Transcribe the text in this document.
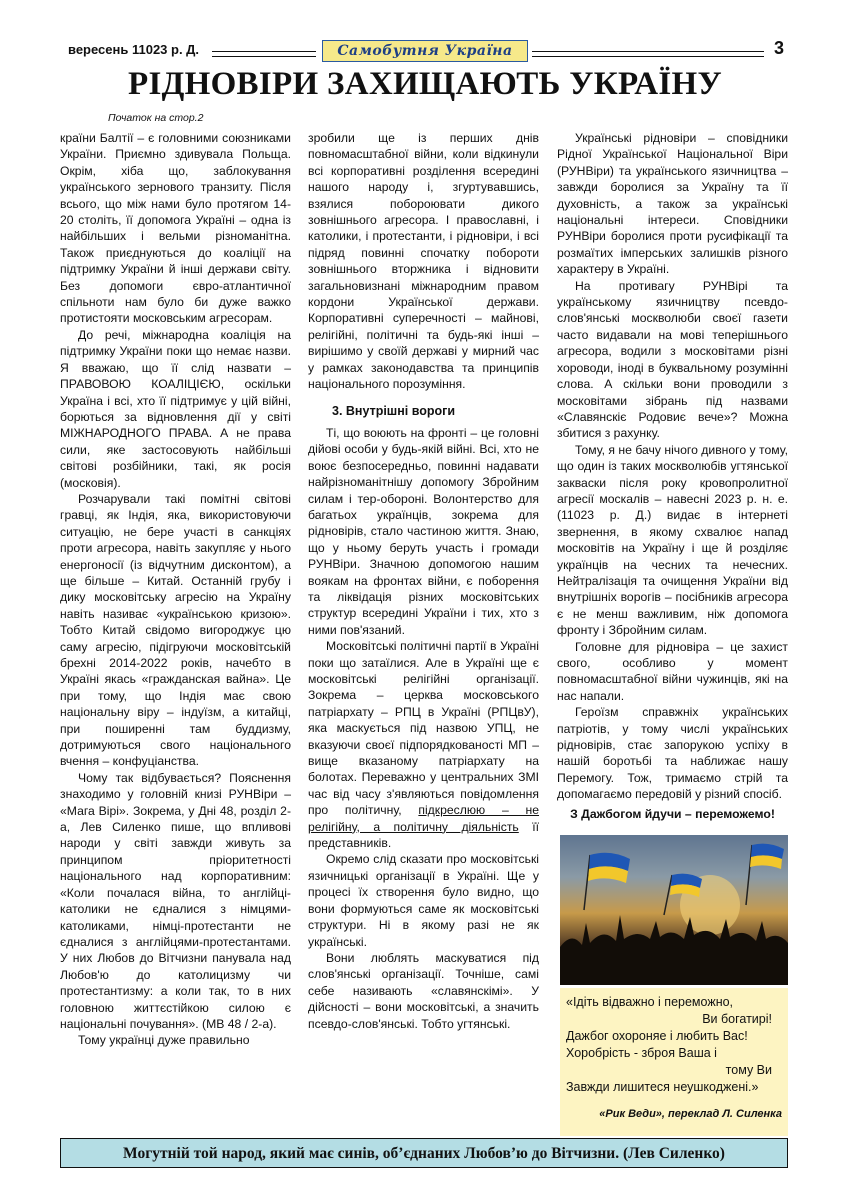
вересень 11023 р. Д.	Самобутня Україна	3
РІДНОВІРИ ЗАХИЩАЮТЬ УКРАЇНУ
Початок на стор.2

країни Балтії – є головними союзниками України. Приємно здивувала Польща. Окрім, хіба що, заблокування українського зернового транзиту. Після всього, що між нами було протягом 14-20 століть, її допомога Україні – одна із найбільших і вельми різноманітна. Також приєднуються до коаліції на підтримку України й інші держави світу. Без допомоги євро-атлантичної спільноти нам було би дуже важко протистояти московським агресорам.

До речі, міжнародна коаліція на підтримку України поки що немає назви. Я вважаю, що її слід назвати – ПРАВОВОЮ КОАЛІЦІЄЮ, оскільки Україна і всі, хто її підтримує у цій війні, борються за відновлення дії у світі МІЖНАРОДНОГО ПРАВА. А не права сили, яке застосовують найбільші світові розбійники, такі, як росія (московія).

Розчарували такі помітні світові гравці, як Індія, яка, використовуючи ситуацію, не бере участі в санкціях проти агресора, навіть закупляє у нього енергоносії (із відчутним дисконтом), а ще більше – Китай. Останній грубу і дику московітську агресію на Україну навіть називає «українською кризою». Тобто Китай свідомо вигороджує цю саму агресію, підігруючи московітській брехні 2014-2022 років, начебто в Україні якась «гражданская вайна». Це при тому, що Індія має свою національну віру – індуїзм, а китайці, при поширенні там буддизму, дотримуються свого національного вчення – конфуціанства.

Чому так відбувається? Пояснення знаходимо у головній книзі РУНВіри – «Мага Вірі». Зокрема, у Дні 48, розділ 2-а, Лев Силенко пише, що впливові народи у світі завжди живуть за принципом пріоритетності національного над корпоративним: «Коли почалася війна, то англійці-католики не єдналися з німцями-католиками, німці-протестанти не єдналися з англійцями-протестантами. У них Любов до Вітчизни панувала над Любов'ю до католицизму чи протестантизму: а коли так, то в них головною життєстійкою силою є національні почування». (МВ 48 / 2-а).

Тому українці дуже правильно

зробили ще із перших днів повномасштабної війни, коли відкинули всі корпоративні розділення всередині нашого народу і, згуртувавшись, взялися побороювати дикого зовнішнього агресора. І православні, і католики, і протестанти, і рідновіри, і всі підряд повинні спочатку побороти зовнішнього вторжника і відновити загальновизнані міжнародним правом кордони Української держави. Корпоративні суперечності – майнові, релігійні, політичні та будь-які інші – вирішимо у своїй державі у мирний час у рамках законодавства та принципів національного порозуміння.

3. Внутрішні вороги

Ті, що воюють на фронті – це головні дійові особи у будь-якій війні. Всі, хто не воює безпосередньо, повинні надавати найрізноманітнішу допомогу Збройним силам і тер-обороні. Волонтерство для багатьох українців, зокрема для рідновірів, стало частиною життя. Знаю, що у ньому беруть участь і громади РУНВіри. Значною допомогою нашим воякам на фронтах війни, є поборення та ліквідація різних московітських структур всередині України і тих, хто з ними пов'язаний.

Московітські політичні партії в Україні поки що затаїлися. Але в Україні ще є московітські релігійні організації. Зокрема – церква московського патріархату – РПЦ в Україні (РПЦвУ), яка маскується під назвою УПЦ, не вказуючи своєї підпорядкованості МП – вище вказаному патріархату на болотах. Переважно у центральних ЗМІ час від часу з'являються повідомлення про політичну, підкреслюю – не релігійну, а політичну діяльність її представників.

Окремо слід сказати про московітські язичницькі організації в Україні. Ще у процесі їх створення було видно, що вони формуються саме як московітські структури. Ні в якому разі не як українські.

Вони люблять маскуватися під слов'янські організації. Точніше, самі себе називають «славянскімі». У дійсності – вони московітські, а значить псевдо-слов'янські. Тобто угтянські.

Українські рідновіри – сповідники Рідної Української Національної Віри (РУНВіри) та українського язичництва – завжди боролися за Україну та її духовність, а також за українські національні інтереси. Сповідники РУНВіри боролися проти русифікації та розмаїтих імперських залишків різного характеру в Україні.

На противагу РУНВірі та українському язичництву псевдо-слов'янські москволюби своєї газети часто видавали на мові теперішнього агресора, водили з московітами різні хороводи, іноді в буквальному розумінні слова. А скільки вони проводили з московітами зібрань під назвами «Славянскіє Родовиє вече»? Можна збитися з рахунку.

Тому, я не бачу нічого дивного у тому, що один із таких москволюбів угтянської закваски після року кровопролитної агресії москалів – навесні 2023 р. н. е. (11023 р. Д.) видає в інтернеті звернення, в якому схвалює напад московітів на Україну і ще й розділяє українців на чесних та нечесних. Нейтралізація та очищення України від внутрішніх ворогів – посібників агресора є не менш важливим, ніж допомога фронту і Збройним силам.

Головне для рідновіра – це захист свого, особливо у момент повномасштабної війни чужинців, які на нас напали.

Героїзм справжніх українських патріотів, у тому числі українських рідновірів, стає запорукою успіху в нашій боротьбі та наближає нашу Перемогу. Тож, тримаємо стрій та допомагаємо передовій у різний спосіб.

З Дажбогом йдучи – переможемо!
«Ідіть відважно і переможно,
Ви богатирі!
Дажбог охороняе і любить Вас!
Хоробрість - зброя Ваша і
тому Ви
Завжди лишитеся неушкоджені.»
«Рик Веди», переклад Л. Силенка
Могутній той народ, який має синів, об’єднаних Любов’ю до Вітчизни. (Лев Силенко)
